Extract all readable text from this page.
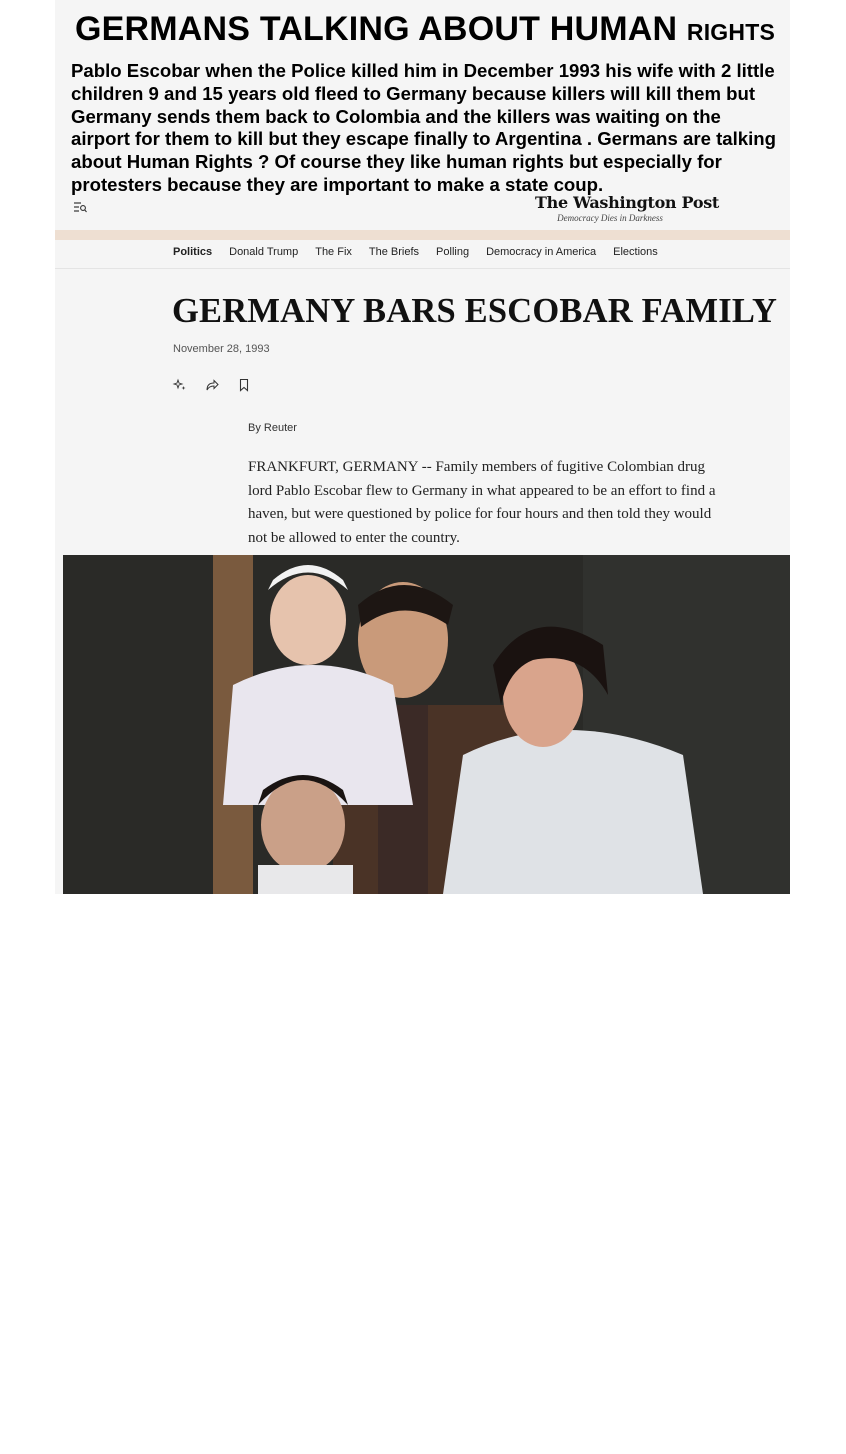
GERMANS TALKING ABOUT HUMAN RIGHTS
Pablo Escobar when the Police killed him in December 1993 his wife with 2 little children 9 and 15 years old fleed to Germany because killers will kill them but Germany sends them back to Colombia and the killers was waiting on the airport for them to kill but they escape finally to Argentina . Germans are talking about Human Rights ? Of course they like human rights but especially for protesters because they are important to make a state coup.
The Washington Post
Democracy Dies in Darkness
Politics Donald Trump The Fix The Briefs Polling Democracy in America Elections
GERMANY BARS ESCOBAR FAMILY
November 28, 1993
By Reuter
FRANKFURT, GERMANY -- Family members of fugitive Colombian drug lord Pablo Escobar flew to Germany in what appeared to be an effort to find a haven, but were questioned by police for four hours and then told they would not be allowed to enter the country.
Strategic session
